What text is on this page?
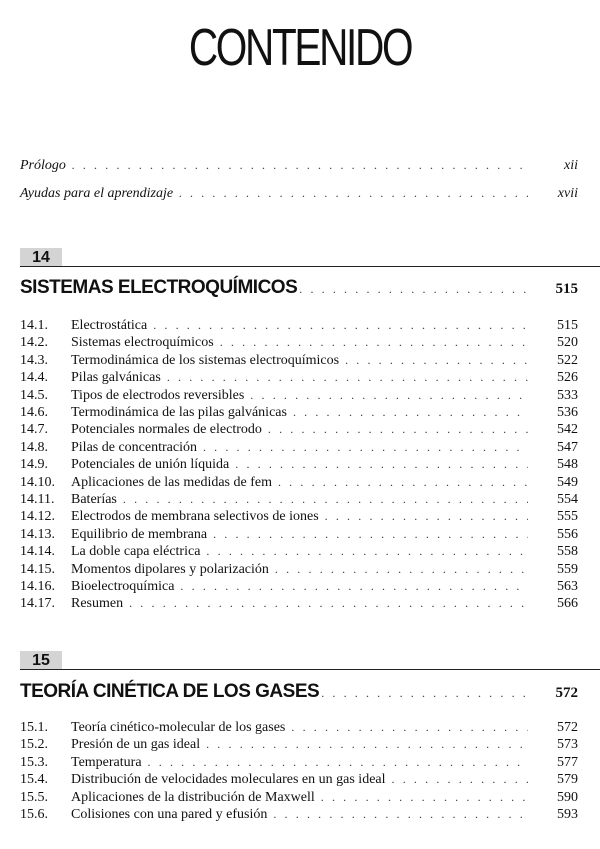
CONTENIDO
Prólogo . . .	xii
Ayudas para el aprendizaje . . .	xvii
14
SISTEMAS ELECTROQUÍMICOS . . .	515
14.1.	Electrostática . . .	515
14.2.	Sistemas electroquímicos . . .	520
14.3.	Termodinámica de los sistemas electroquímicos . . .	522
14.4.	Pilas galvánicas . . .	526
14.5.	Tipos de electrodos reversibles . . .	533
14.6.	Termodinámica de las pilas galvánicas . . .	536
14.7.	Potenciales normales de electrodo . . .	542
14.8.	Pilas de concentración . . .	547
14.9.	Potenciales de unión líquida . . .	548
14.10.	Aplicaciones de las medidas de fem . . .	549
14.11.	Baterías . . .	554
14.12.	Electrodos de membrana selectivos de iones . . .	555
14.13.	Equilibrio de membrana . . .	556
14.14.	La doble capa eléctrica . . .	558
14.15.	Momentos dipolares y polarización . . .	559
14.16.	Bioelectroquímica . . .	563
14.17.	Resumen . . .	566
15
TEORÍA CINÉTICA DE LOS GASES . . .	572
15.1.	Teoría cinético-molecular de los gases . . .	572
15.2.	Presión de un gas ideal . . .	573
15.3.	Temperatura . . .	577
15.4.	Distribución de velocidades moleculares en un gas ideal . . .	579
15.5.	Aplicaciones de la distribución de Maxwell . . .	590
15.6.	Colisiones con una pared y efusión . . .	593
